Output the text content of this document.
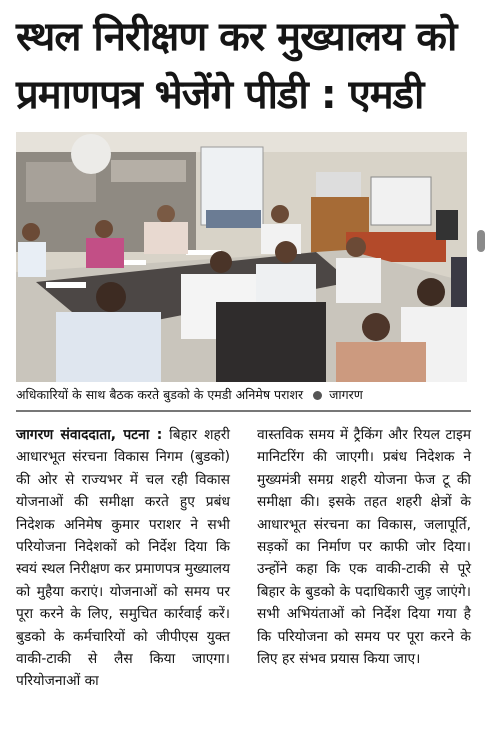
स्थल निरीक्षण कर मुख्यालय को
प्रमाणपत्र भेजेंगे पीडी : एमडी
अधिकारियों के साथ बैठक करते बुडको के एमडी अनिमेष पराशर जागरण
जागरण संवाददाता, पटना : बिहार शहरी आधारभूत संरचना विकास निगम (बुडको) की ओर से राज्यभर में चल रही विकास योजनाओं की समीक्षा करते हुए प्रबंध निदेशक अनिमेष कुमार पराशर ने सभी परियोजना निदेशकों को निर्देश दिया कि स्वयं स्थल निरीक्षण कर प्रमाणपत्र मुख्यालय को मुहैया कराएं। योजनाओं को समय पर पूरा करने के लिए, समुचित कार्रवाई करें। बुडको के कर्मचारियों को जीपीएस युक्त वाकी-टाकी से लैस किया जाएगा। परियोजनाओं का
वास्तविक समय में ट्रैकिंग और रियल टाइम मानिटरिंग की जाएगी। प्रबंध निदेशक ने मुख्यमंत्री समग्र शहरी योजना फेज टू की समीक्षा की। इसके तहत शहरी क्षेत्रों के आधारभूत संरचना का विकास, जलापूर्ति, सड़कों का निर्माण पर काफी जोर दिया। उन्होंने कहा कि एक वाकी-टाकी से पूरे बिहार के बुडको के पदाधिकारी जुड़ जाएंगे। सभी अभियंताओं को निर्देश दिया गया है कि परियोजना को समय पर पूरा करने के लिए हर संभव प्रयास किया जाए।
